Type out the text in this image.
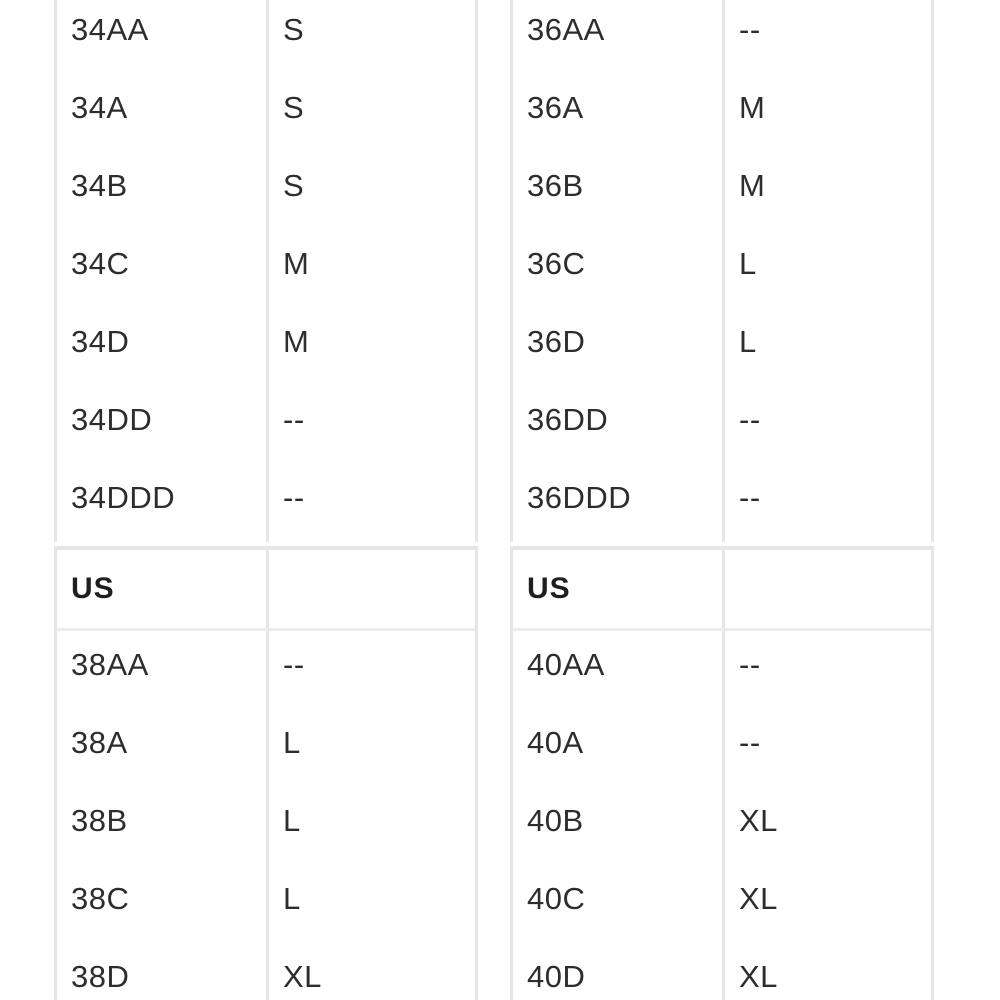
34AA	S
34A	S
34B	S
34C	M
34D	M
34DD	--
34DDD	--
36AA	--
36A	M
36B	M
36C	L
36D	L
36DD	--
36DDD	--
US
38AA	--
38A	L
38B	L
38C	L
38D	XL
US
40AA	--
40A	--
40B	XL
40C	XL
40D	XL
